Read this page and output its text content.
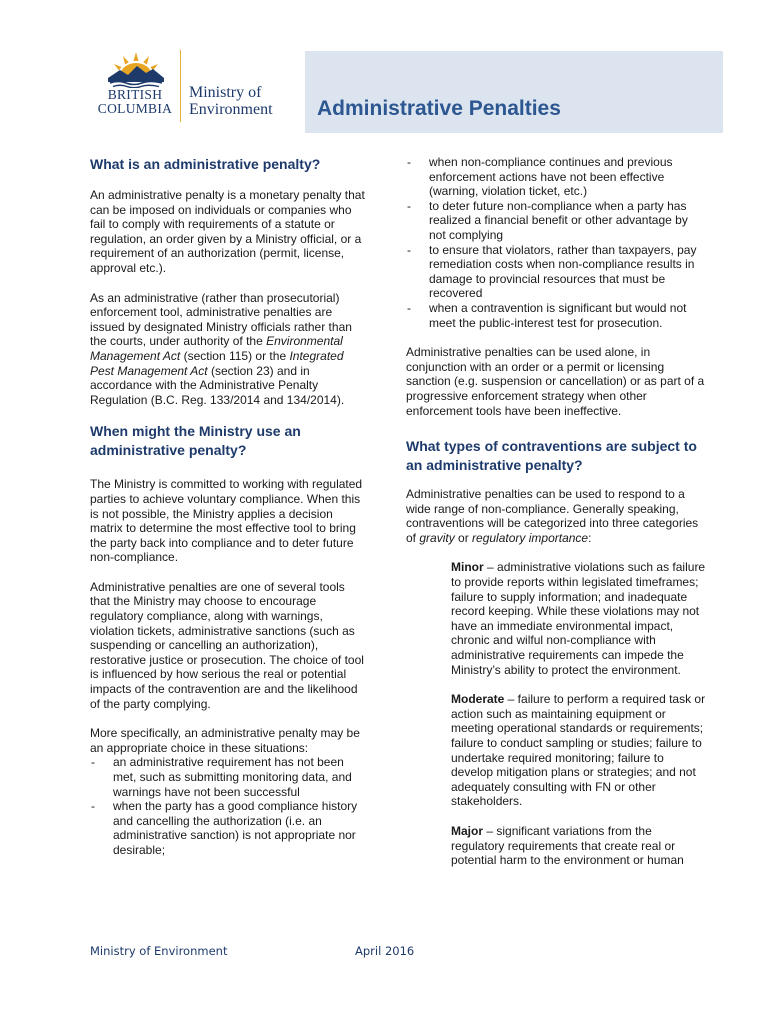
BRITISH
COLUMBIA
Ministry of
Environment Administrative Penalties
What is an administrative penalty?

An administrative penalty is a monetary penalty that can be imposed on individuals or companies who fail to comply with requirements of a statute or regulation, an order given by a Ministry official, or a requirement of an authorization (permit, license, approval etc.).

As an administrative (rather than prosecutorial) enforcement tool, administrative penalties are issued by designated Ministry officials rather than the courts, under authority of the Environmental Management Act (section 115) or the Integrated Pest Management Act (section 23) and in accordance with the Administrative Penalty Regulation (B.C. Reg. 133/2014 and 134/2014).

When might the Ministry use an administrative penalty?

The Ministry is committed to working with regulated parties to achieve voluntary compliance. When this is not possible, the Ministry applies a decision matrix to determine the most effective tool to bring the party back into compliance and to deter future non-compliance.

Administrative penalties are one of several tools that the Ministry may choose to encourage regulatory compliance, along with warnings, violation tickets, administrative sanctions (such as suspending or cancelling an authorization), restorative justice or prosecution. The choice of tool is influenced by how serious the real or potential impacts of the contravention are and the likelihood of the party complying.

More specifically, an administrative penalty may be an appropriate choice in these situations:

- an administrative requirement has not been met, such as submitting monitoring data, and warnings have not been successful
- when the party has a good compliance history and cancelling the authorization (i.e. an administrative sanction) is not appropriate nor desirable;
- when non-compliance continues and previous enforcement actions have not been effective (warning, violation ticket, etc.)
- to deter future non-compliance when a party has realized a financial benefit or other advantage by not complying
- to ensure that violators, rather than taxpayers, pay remediation costs when non-compliance results in damage to provincial resources that must be recovered
- when a contravention is significant but would not meet the public-interest test for prosecution.

Administrative penalties can be used alone, in conjunction with an order or a permit or licensing sanction (e.g. suspension or cancellation) or as part of a progressive enforcement strategy when other enforcement tools have been ineffective.

What types of contraventions are subject to an administrative penalty?

Administrative penalties can be used to respond to a wide range of non-compliance. Generally speaking, contraventions will be categorized into three categories of gravity or regulatory importance:

Minor – administrative violations such as failure to provide reports within legislated timeframes; failure to supply information; and inadequate record keeping. While these violations may not have an immediate environmental impact, chronic and wilful non-compliance with administrative requirements can impede the Ministry’s ability to protect the environment.

Moderate – failure to perform a required task or action such as maintaining equipment or meeting operational standards or requirements; failure to conduct sampling or studies; failure to undertake required monitoring; failure to develop mitigation plans or strategies; and not adequately consulting with FN or other stakeholders.

Major – significant variations from the regulatory requirements that create real or potential harm to the environment or human

Ministry of Environment	April 2016
